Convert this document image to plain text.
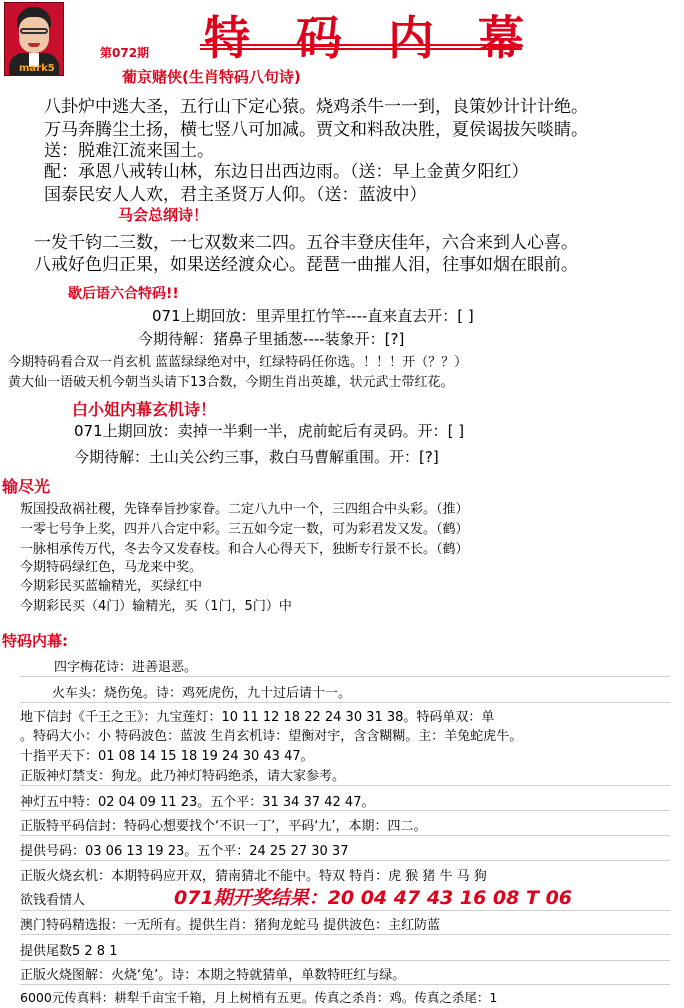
mark5
特 码 内 幕
第072期
葡京赌侠(生肖特码八句诗)
八卦炉中逃大圣，五行山下定心猿。烧鸡杀牛一一到，良策妙计计计绝。
万马奔腾尘土扬，横七竖八可加减。贾文和料敌决胜，夏侯谒拔矢啖睛。
送：脱难江流来国土。
配：承恩八戒转山林，东边日出西边雨。（送：早上金黄夕阳红）
国泰民安人人欢，君主圣贤万人仰。（送：蓝波中）
马会总纲诗！
一发千钧二三数，一七双数来二四。五谷丰登庆佳年，六合来到人心喜。
八戒好色归正果，如果送经渡众心。琵琶一曲摧人泪，往事如烟在眼前。
歇后语六合特码!!
071上期回放：里弄里扛竹竿----直来直去开：[ ]
今期待解：猪鼻子里插葱----装象开：[?]
今期特码看合双一肖玄机 蓝蓝绿绿绝对中，红绿特码任你选。！！！开（？？）
黄大仙一语破天机今朝当头请下13合数，今期生肖出英雄，状元武士带红花。
白小姐内幕玄机诗！
071上期回放：卖掉一半剩一半，虎前蛇后有灵码。开：[ ]
今期待解：土山关公约三事，救白马曹解重围。开：[?]
输尽光
叛国投敌祸社稷，先锋奉旨抄家眷。二定八九中一个，三四组合中头彩。（推）
一零七号争上奖，四并八合定中彩。三五如今定一数，可为彩君发又发。（鹤）
一脉相承传万代，冬去今又发春枝。和合人心得天下，独断专行景不长。（鹤）
今期特码绿红色，马龙来中奖。
今期彩民买蓝输精光，买绿红中
今期彩民买（4门）输精光，买（1门，5门）中
特码内幕:
四字梅花诗：进善退恶。
火车头：烧伤兔。诗：鸡死虎伤，九十过后请十一。
地下信封《千王之王》：九宝莲灯：10 11 12 18 22 24 30 31 38。特码单双：单
。特码大小：小 特码波色：蓝波 生肖玄机诗：望衡对宇，含含糊糊。主：羊兔蛇虎牛。
十指平天下：01 08 14 15 18 19 24 30 43 47。
正版神灯禁支：狗龙。此乃神灯特码绝杀，请大家参考。
神灯五中特：02 04 09 11 23。五个平：31 34 37 42 47。
正版特平码信封：特码心想要找个‘不识一丁’，平码‘九’，本期：四二。
提供号码：03 06 13 19 23。五个平：24 25 27 30 37
正版火烧玄机：本期特码应开双，猜南猜北不能中。特双 特肖：虎 猴 猪 牛 马 狗
欲钱看情人	071期开奖结果：20 04 47 43 16 08 T 06
澳门特码精选报：一无所有。提供生肖：猪狗龙蛇马 提供波色：主红防蓝
提供尾数5 2 8 1
正版火烧图解：火烧‘兔’。诗：本期之特就猜单，单数特旺红与绿。
6000元传真料：耕犁千亩宝千箱，月上树梢有五更。传真之杀肖：鸡。传真之杀尾：1
